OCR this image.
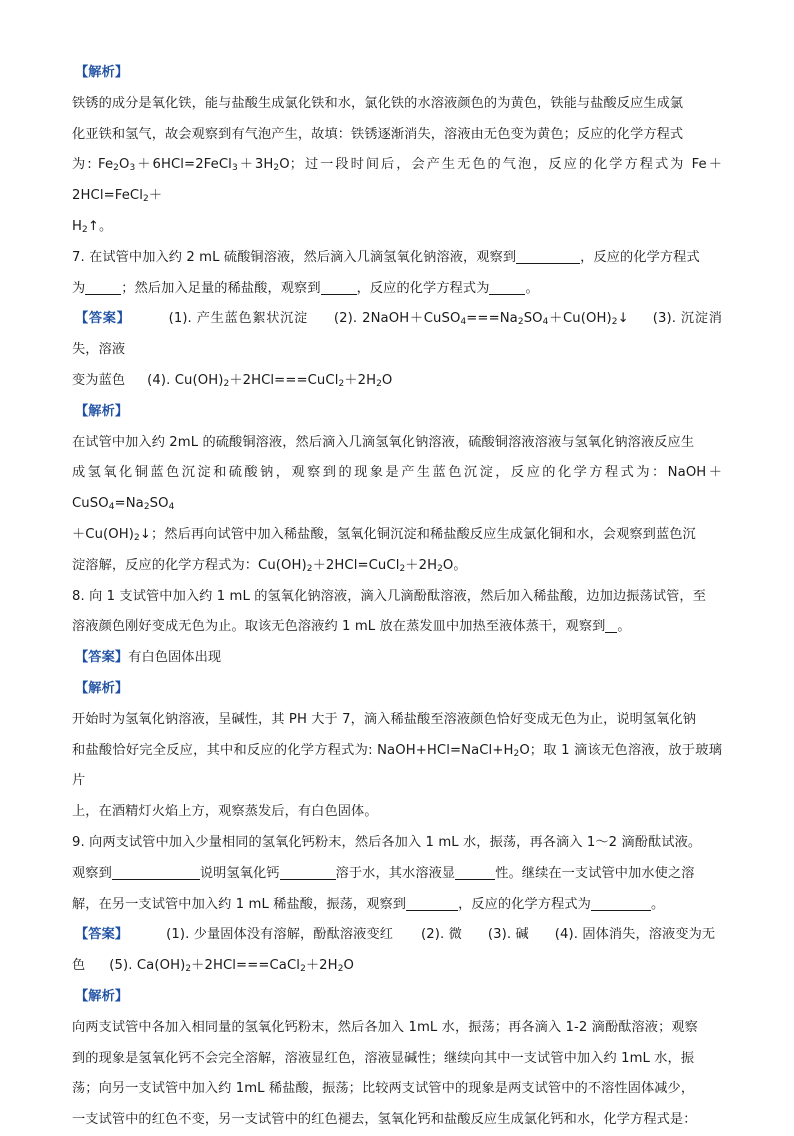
【解析】
铁锈的成分是氧化铁，能与盐酸生成氯化铁和水，氯化铁的水溶液颜色的为黄色，铁能与盐酸反应生成氯
化亚铁和氢气，故会观察到有气泡产生，故填：铁锈逐渐消失，溶液由无色变为黄色；反应的化学方程式
为: $Fe_2O_3+6HCl=2FeCl_3+3H_2O$；过一段时间后，会产生无色的气泡，反应的化学方程式为 Fe＋2HCl=FeCl$_2$＋
$H_2↑$。
7. 在试管中加入约 2 mL 硫酸铜溶液，然后滴入几滴氢氧化钠溶液，观察到	，反应的化学方程式
为	；然后加入足量的稀盐酸，观察到	，反应的化学方程式为	。
【答案】	(1). 产生蓝色絮状沉淀 (2). $2NaOH+CuSO_4===Na_2SO_4+Cu(OH)_2↓$ (3). 沉淀消失，溶液
变为蓝色 (4). $Cu(OH)_2+2HCl===CuCl_2+2H_2O$
【解析】
在试管中加入约 2mL 的硫酸铜溶液，然后滴入几滴氢氧化钠溶液，硫酸铜溶液溶液与氢氧化钠溶液反应生
成氢氧化铜蓝色沉淀和硫酸钠，观察到的现象是产生蓝色沉淀，反应的化学方程式为：$NaOH+CuSO_4=Na_2SO_4$
$+Cu(OH)_2↓$；然后再向试管中加入稀盐酸，氢氧化铜沉淀和稀盐酸反应生成氯化铜和水，会观察到蓝色沉
淀溶解，反应的化学方程式为：$Cu(OH)_2+2HCl=CuCl_2+2H_2O$。
8. 向 1 支试管中加入约 1 mL 的氢氧化钠溶液，滴入几滴酚酞溶液，然后加入稀盐酸，边加边振荡试管，至
溶液颜色刚好变成无色为止。取该无色溶液约 1 mL 放在蒸发皿中加热至液体蒸干，观察到 。
【答案】有白色固体出现
【解析】
开始时为氢氧化钠溶液，呈碱性，其 PH 大于 7，滴入稀盐酸至溶液颜色恰好变成无色为止，说明氢氧化钠
和盐酸恰好完全反应，其中和反应的化学方程式为: $NaOH+HCl=NaCl+H_2O$；取 1 滴该无色溶液，放于玻璃片
上，在酒精灯火焰上方，观察蒸发后，有白色固体。
9. 向两支试管中加入少量相同的氢氧化钙粉末，然后各加入 1 mL 水，振荡，再各滴入 1～2 滴酚酞试液。
观察到	说明氢氧化钙	溶于水，其水溶液显	性。继续在一支试管中加水使之溶
解，在另一支试管中加入约 1 mL 稀盐酸，振荡，观察到	，反应的化学方程式为	。
【答案】	(1). 少量固体没有溶解，酚酞溶液变红 (2). 微 (3). 碱 (4). 固体消失，溶液变为无
色 (5). $Ca(OH)_2+2HCl===CaCl_2+2H_2O$
【解析】
向两支试管中各加入相同量的氢氧化钙粉末，然后各加入 1mL 水，振荡；再各滴入 1-2 滴酚酞溶液；观察
到的现象是氢氧化钙不会完全溶解，溶液显红色，溶液显碱性；继续向其中一支试管中加入约 1mL 水，振
荡；向另一支试管中加入约 1mL 稀盐酸，振荡；比较两支试管中的现象是两支试管中的不溶性固体减少，
一支试管中的红色不变，另一支试管中的红色褪去，氢氧化钙和盐酸反应生成氯化钙和水，化学方程式是：
